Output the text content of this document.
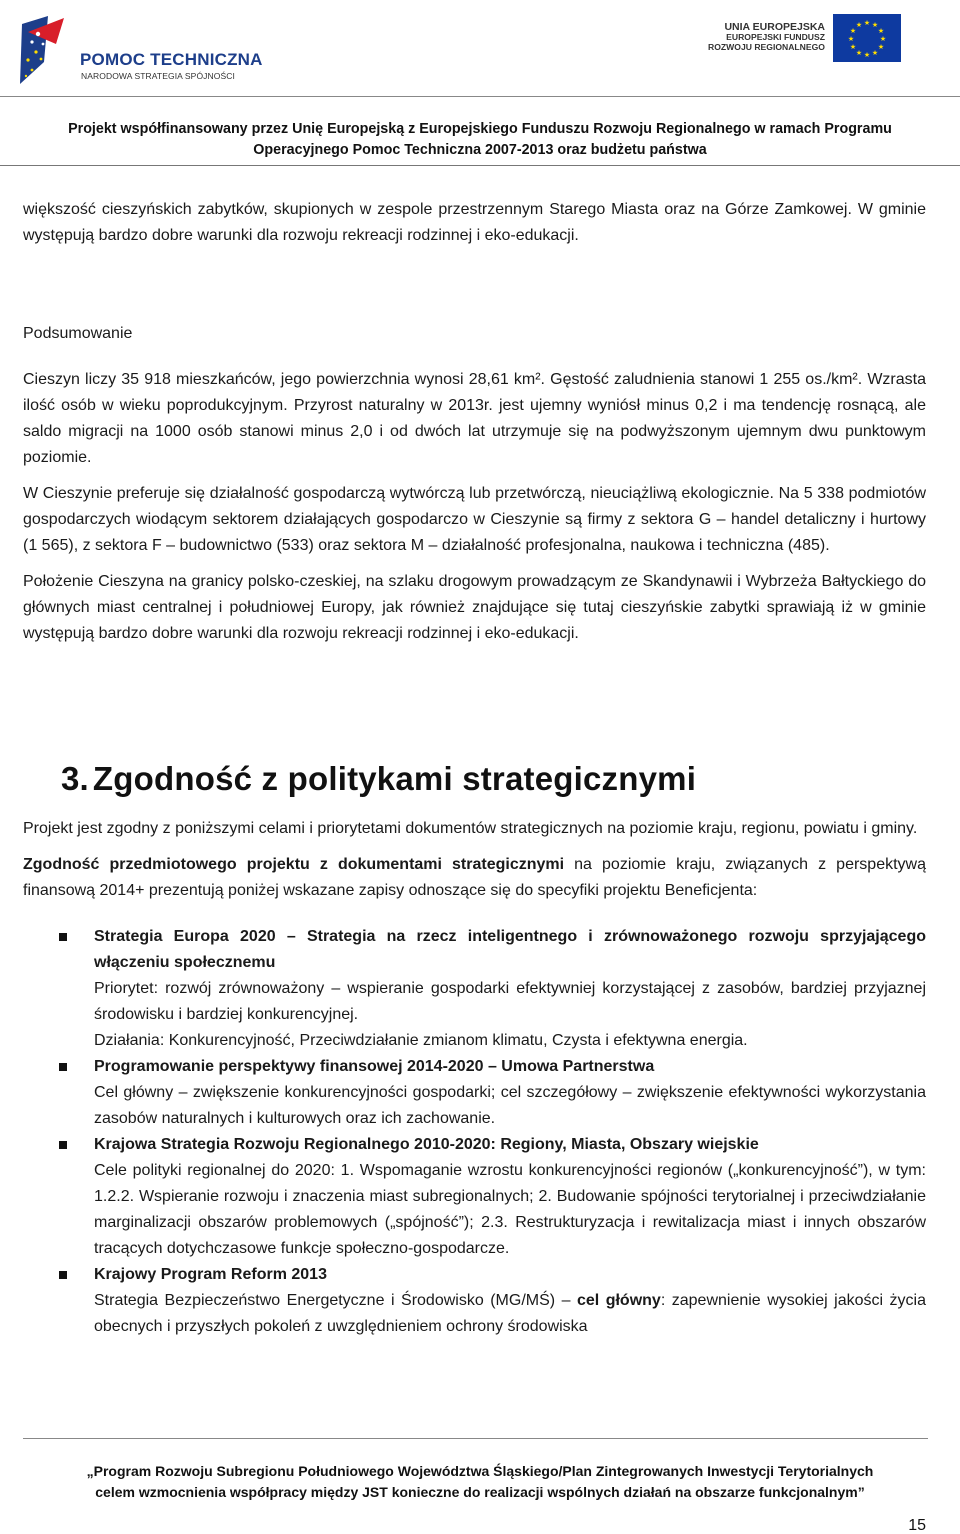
POMOC TECHNICZNA
NARODOWA STRATEGIA SPÓJNOŚCI
UNIA EUROPEJSKA
EUROPEJSKI FUNDUSZ
ROZWOJU REGIONALNEGO
★ ★
★
★
★
★
★
★
★
★
★
★
Projekt współfinansowany przez Unię Europejską z Europejskiego Funduszu Rozwoju Regionalnego w ramach Programu
Operacyjnego Pomoc Techniczna 2007-2013 oraz budżetu państwa

większość cieszyńskich zabytków, skupionych w zespole przestrzennym Starego Miasta oraz na Górze Zamkowej. W gminie występują bardzo dobre warunki dla rozwoju rekreacji rodzinnej i eko-edukacji.

Podsumowanie

Cieszyn liczy 35 918 mieszkańców, jego powierzchnia wynosi 28,61 km². Gęstość zaludnienia stanowi 1 255 os./km². Wzrasta ilość osób w wieku poprodukcyjnym. Przyrost naturalny w 2013r. jest ujemny wyniósł minus 0,2 i ma tendencję rosnącą, ale saldo migracji na 1000 osób stanowi minus 2,0 i od dwóch lat utrzymuje się na podwyższonym ujemnym dwu punktowym poziomie.

W Cieszynie preferuje się działalność gospodarczą wytwórczą lub przetwórczą, nieuciążliwą ekologicznie. Na 5 338 podmiotów gospodarczych wiodącym sektorem działających gospodarczo w Cieszynie są firmy z sektora G – handel detaliczny i hurtowy (1 565), z sektora F – budownictwo (533) oraz sektora M – działalność profesjonalna, naukowa i techniczna (485).

Położenie Cieszyna na granicy polsko-czeskiej, na szlaku drogowym prowadzącym ze Skandynawii i Wybrzeża Bałtyckiego do głównych miast centralnej i południowej Europy, jak również znajdujące się tutaj cieszyńskie zabytki sprawiają iż w gminie występują bardzo dobre warunki dla rozwoju rekreacji rodzinnej i eko-edukacji.

3. Zgodność z politykami strategicznymi

Projekt jest zgodny z poniższymi celami i priorytetami dokumentów strategicznych na poziomie kraju, regionu, powiatu i gminy.

Zgodność przedmiotowego projektu z dokumentami strategicznymi na poziomie kraju, związanych z perspektywą finansową 2014+ prezentują poniżej wskazane zapisy odnoszące się do specyfiki projektu Beneficjenta:

Strategia Europa 2020 – Strategia na rzecz inteligentnego i zrównoważonego rozwoju sprzyjającego włączeniu społecznemu
Priorytet: rozwój zrównoważony – wspieranie gospodarki efektywniej korzystającej z zasobów, bardziej przyjaznej środowisku i bardziej konkurencyjnej.
Działania: Konkurencyjność, Przeciwdziałanie zmianom klimatu, Czysta i efektywna energia.
Programowanie perspektywy finansowej 2014-2020 – Umowa Partnerstwa
Cel główny – zwiększenie konkurencyjności gospodarki; cel szczegółowy – zwiększenie efektywności wykorzystania zasobów naturalnych i kulturowych oraz ich zachowanie.
Krajowa Strategia Rozwoju Regionalnego 2010-2020: Regiony, Miasta, Obszary wiejskie
Cele polityki regionalnej do 2020: 1. Wspomaganie wzrostu konkurencyjności regionów („konkurencyjność”), w tym: 1.2.2. Wspieranie rozwoju i znaczenia miast subregionalnych; 2. Budowanie spójności terytorialnej i przeciwdziałanie marginalizacji obszarów problemowych („spójność”); 2.3. Restrukturyzacja i rewitalizacja miast i innych obszarów tracących dotychczasowe funkcje społeczno-gospodarcze.
Krajowy Program Reform 2013
Strategia Bezpieczeństwo Energetyczne i Środowisko (MG/MŚ) – cel główny: zapewnienie wysokiej jakości życia obecnych i przyszłych pokoleń z uwzględnieniem ochrony środowiska
„Program Rozwoju Subregionu Południowego Województwa Śląskiego/Plan Zintegrowanych Inwestycji Terytorialnych
celem wzmocnienia współpracy między JST konieczne do realizacji wspólnych działań na obszarze funkcjonalnym”
15
